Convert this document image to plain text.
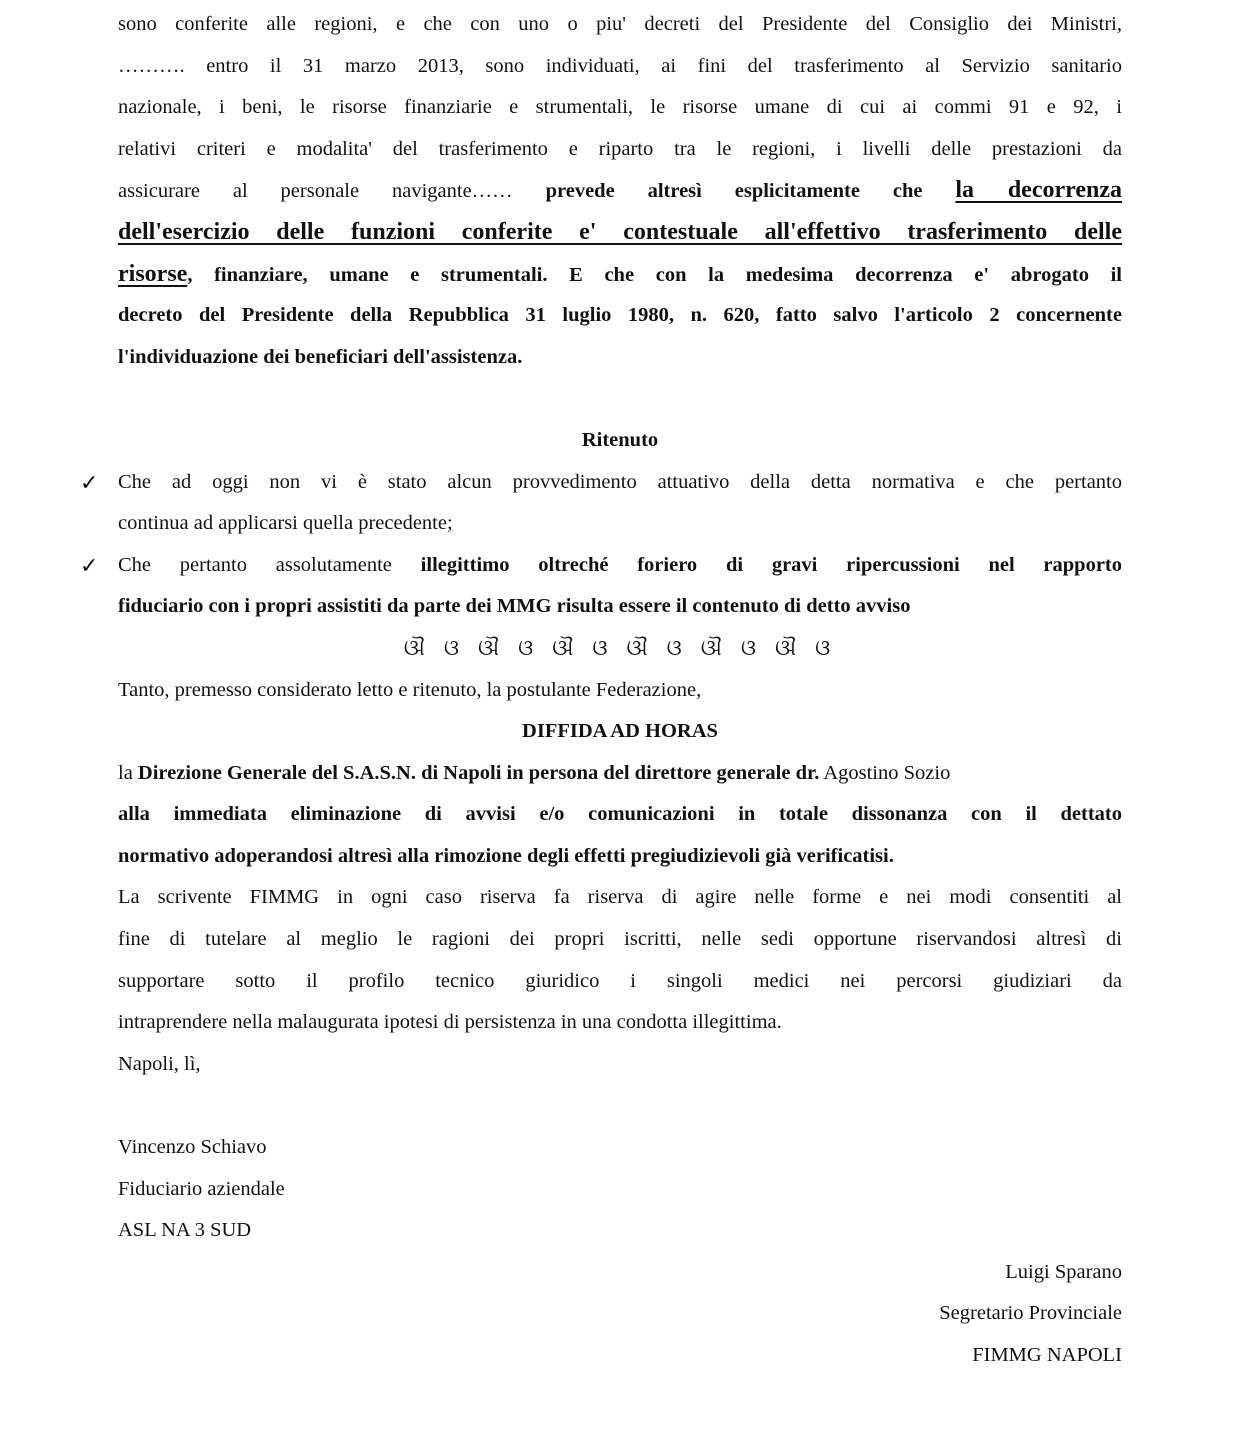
sono conferite alle regioni, e che con uno o piu' decreti del Presidente del Consiglio dei Ministri,
………. entro il 31 marzo 2013, sono individuati, ai fini del trasferimento al Servizio sanitario
nazionale, i beni, le risorse finanziarie e strumentali, le risorse umane di cui ai commi 91 e 92, i
relativi criteri e modalita' del trasferimento e riparto tra le regioni, i livelli delle prestazioni da
assicurare al personale navigante…… prevede altresì esplicitamente che la decorrenza
dell'esercizio delle funzioni conferite e' contestuale all'effettivo trasferimento delle
risorse, finanziare, umane e strumentali. E che con la medesima decorrenza e' abrogato il
decreto del Presidente della Repubblica 31 luglio 1980, n. 620, fatto salvo l'articolo 2 concernente
l'individuazione dei beneficiari dell'assistenza.
Ritenuto
✓ Che ad oggi non vi è stato alcun provvedimento attuativo della detta normativa e che pertanto
continua ad applicarsi quella precedente;
✓ Che pertanto assolutamente illegittimo oltreché foriero di gravi ripercussioni nel rapporto
fiduciario con i propri assistiti da parte dei MMG risulta essere il contenuto di detto avviso
ଔ ଓ ଔ ଓ ଔ ଓ ଔ ଓ ଔ ଓ ଔ ଓ
Tanto, premesso considerato letto e ritenuto, la postulante Federazione,
DIFFIDA AD HORAS
la Direzione Generale del S.A.S.N. di Napoli in persona del direttore generale dr. Agostino Sozio
alla immediata eliminazione di avvisi e/o comunicazioni in totale dissonanza con il dettato
normativo adoperandosi altresì alla rimozione degli effetti pregiudizievoli già verificatisi.
La scrivente FIMMG in ogni caso riserva fa riserva di agire nelle forme e nei modi consentiti al
fine di tutelare al meglio le ragioni dei propri iscritti, nelle sedi opportune riservandosi altresì di
supportare sotto il profilo tecnico giuridico i singoli medici nei percorsi giudiziari da
intraprendere nella malaugurata ipotesi di persistenza in una condotta illegittima.
Napoli, lì,
Vincenzo Schiavo
Fiduciario aziendale
ASL NA 3 SUD
Luigi Sparano
Segretario Provinciale
FIMMG NAPOLI
